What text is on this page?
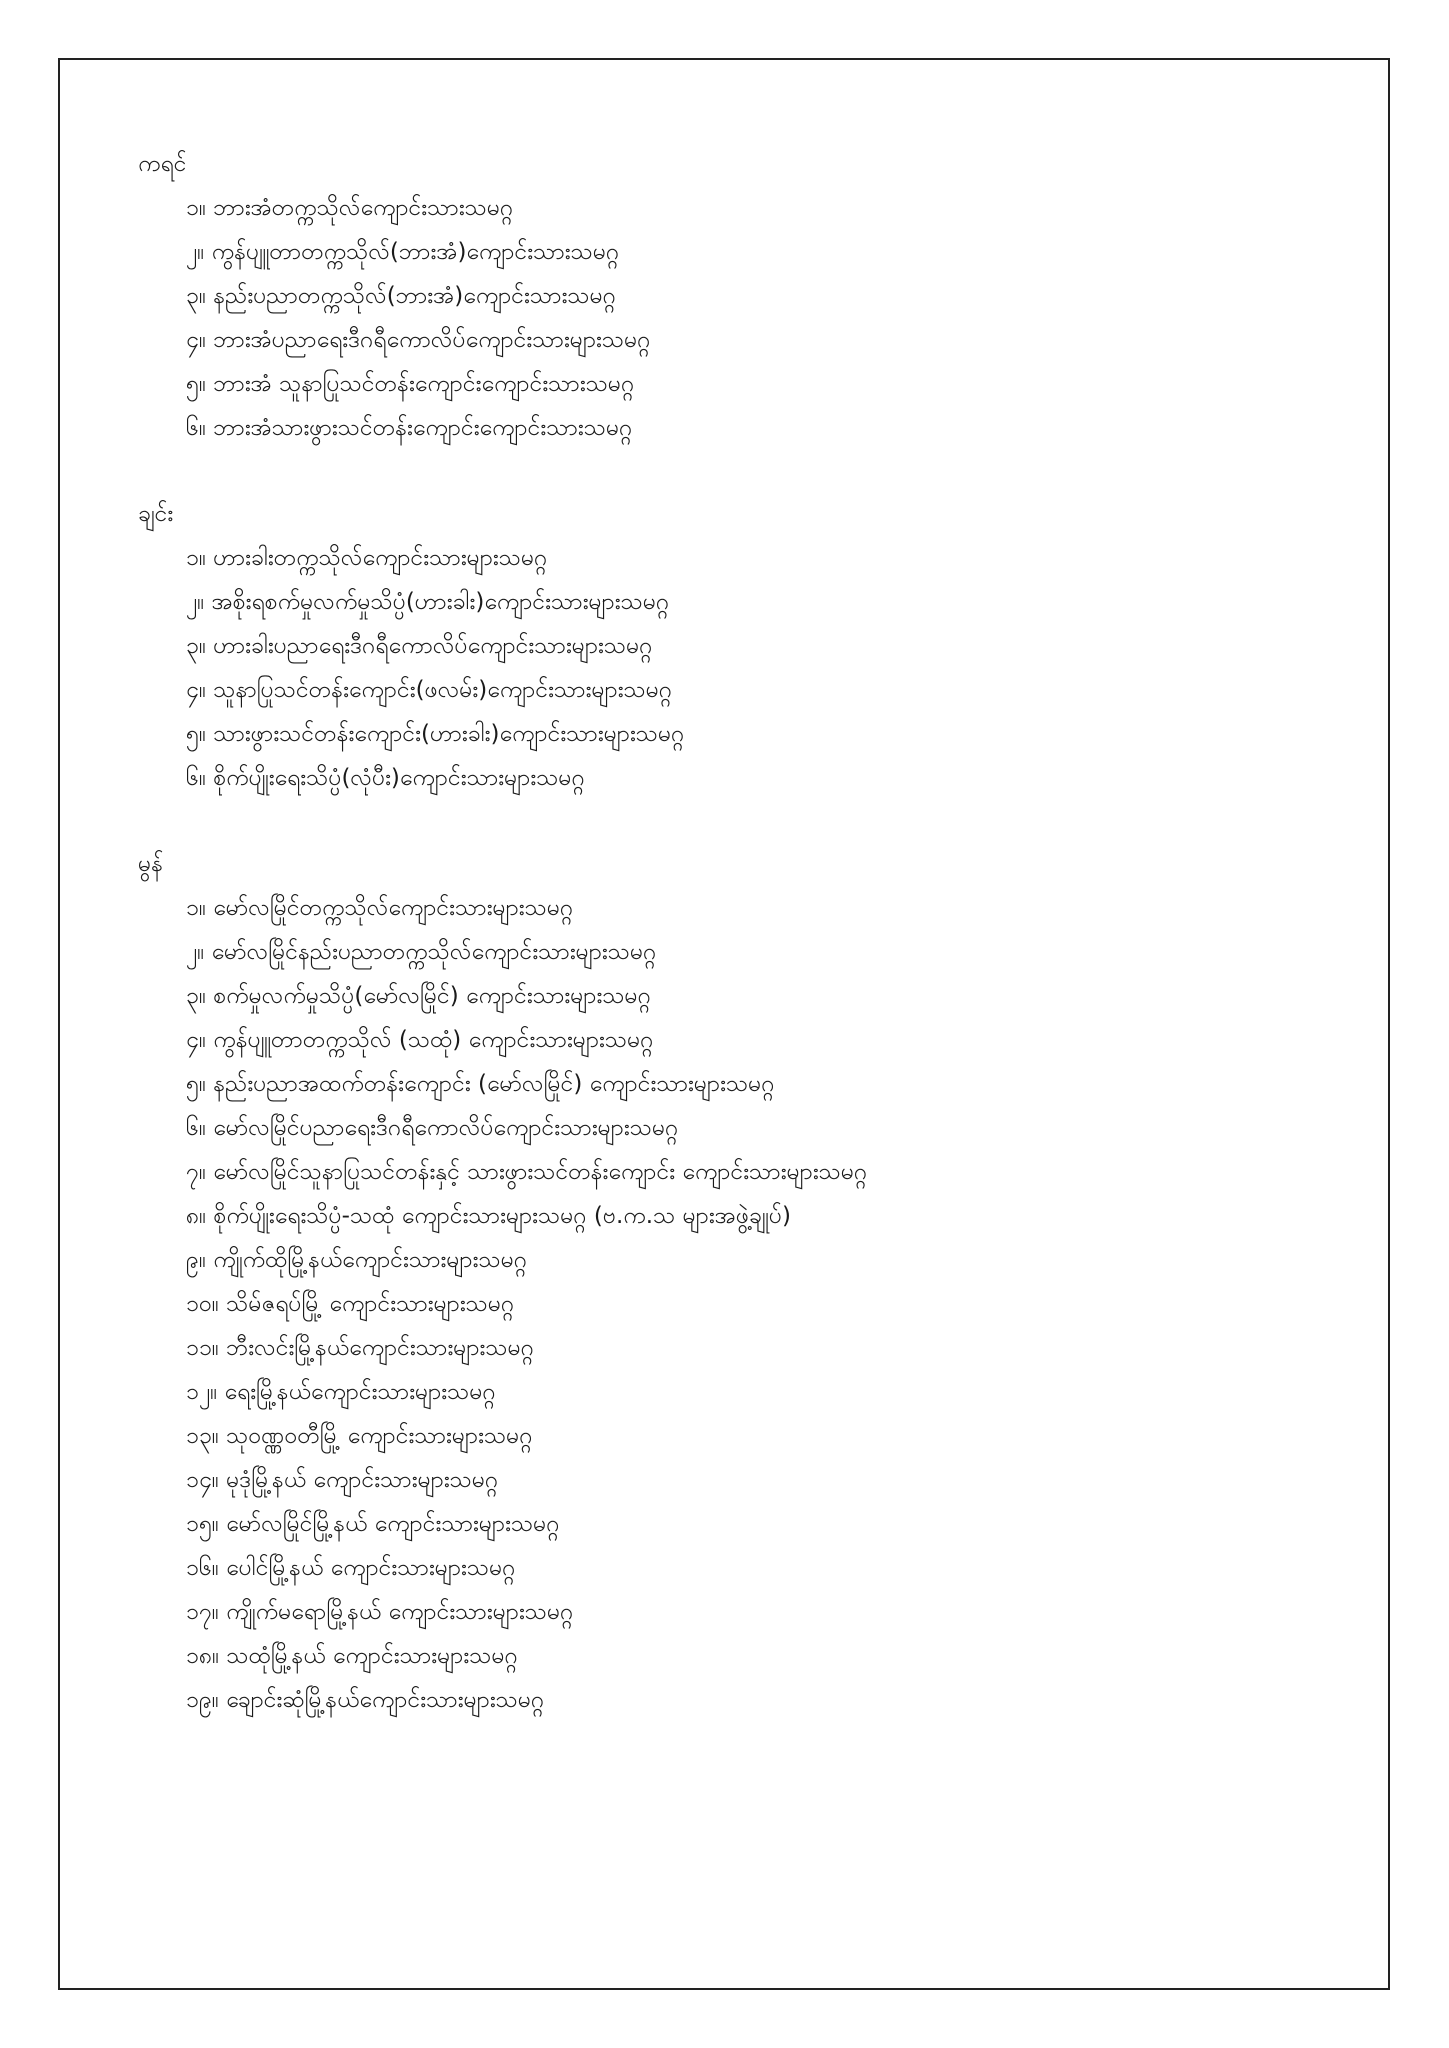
ကရင်
၁။ ဘားအံတက္ကသိုလ်ကျောင်းသားသမဂ္ဂ
၂။ ကွန်ပျူတာတက္ကသိုလ်(ဘားအံ)ကျောင်းသားသမဂ္ဂ
၃။ နည်းပညာတက္ကသိုလ်(ဘားအံ)ကျောင်းသားသမဂ္ဂ
၄။ ဘားအံပညာရေးဒီဂရီကောလိပ်ကျောင်းသားများသမဂ္ဂ
၅။ ဘားအံ သူနာပြုသင်တန်းကျောင်းကျောင်းသားသမဂ္ဂ
၆။ ဘားအံသားဖွားသင်တန်းကျောင်းကျောင်းသားသမဂ္ဂ
ချင်း
၁။ ဟားခါးတက္ကသိုလ်ကျောင်းသားများသမဂ္ဂ
၂။ အစိုးရစက်မှုလက်မှုသိပ္ပံ(ဟားခါး)ကျောင်းသားများသမဂ္ဂ
၃။ ဟားခါးပညာရေးဒီဂရီကောလိပ်ကျောင်းသားများသမဂ္ဂ
၄။ သူနာပြုသင်တန်းကျောင်း(ဖလမ်း)ကျောင်းသားများသမဂ္ဂ
၅။ သားဖွားသင်တန်းကျောင်း(ဟားခါး)ကျောင်းသားများသမဂ္ဂ
၆။ စိုက်ပျိုးရေးသိပ္ပံ(လုံပီး)ကျောင်းသားများသမဂ္ဂ
မွန်
၁။ မော်လမြိုင်တက္ကသိုလ်ကျောင်းသားများသမဂ္ဂ
၂။ မော်လမြိုင်နည်းပညာတက္ကသိုလ်ကျောင်းသားများသမဂ္ဂ
၃။ စက်မှုလက်မှုသိပ္ပံ(မော်လမြိုင်) ကျောင်းသားများသမဂ္ဂ
၄။ ကွန်ပျူတာတက္ကသိုလ် (သထုံ) ကျောင်းသားများသမဂ္ဂ
၅။ နည်းပညာအထက်တန်းကျောင်း (မော်လမြိုင်) ကျောင်းသားများသမဂ္ဂ
၆။ မော်လမြိုင်ပညာရေးဒီဂရီကောလိပ်ကျောင်းသားများသမဂ္ဂ
၇။ မော်လမြိုင်သူနာပြုသင်တန်းနှင့် သားဖွားသင်တန်းကျောင်း ကျောင်းသားများသမဂ္ဂ
၈။ စိုက်ပျိုးရေးသိပ္ပံ-သထုံ ကျောင်းသားများသမဂ္ဂ (ဗ.က.သ များအဖွဲ့ချုပ်)
၉။ ကျိုက်ထိုမြို့နယ်ကျောင်းသားများသမဂ္ဂ
၁၀။ သိမ်ဇရပ်မြို့ ကျောင်းသားများသမဂ္ဂ
၁၁။ ဘီးလင်းမြို့နယ်ကျောင်းသားများသမဂ္ဂ
၁၂။ ရေးမြို့နယ်ကျောင်းသားများသမဂ္ဂ
၁၃။ သုဝဏ္ဏဝတီမြို့ ကျောင်းသားများသမဂ္ဂ
၁၄။ မုဒုံမြို့နယ် ကျောင်းသားများသမဂ္ဂ
၁၅။ မော်လမြိုင်မြို့နယ် ကျောင်းသားများသမဂ္ဂ
၁၆။ ပေါင်မြို့နယ် ကျောင်းသားများသမဂ္ဂ
၁၇။ ကျိုက်မရောမြို့နယ် ကျောင်းသားများသမဂ္ဂ
၁၈။ သထုံမြို့နယ် ကျောင်းသားများသမဂ္ဂ
၁၉။ ချောင်းဆုံမြို့နယ်ကျောင်းသားများသမဂ္ဂ
